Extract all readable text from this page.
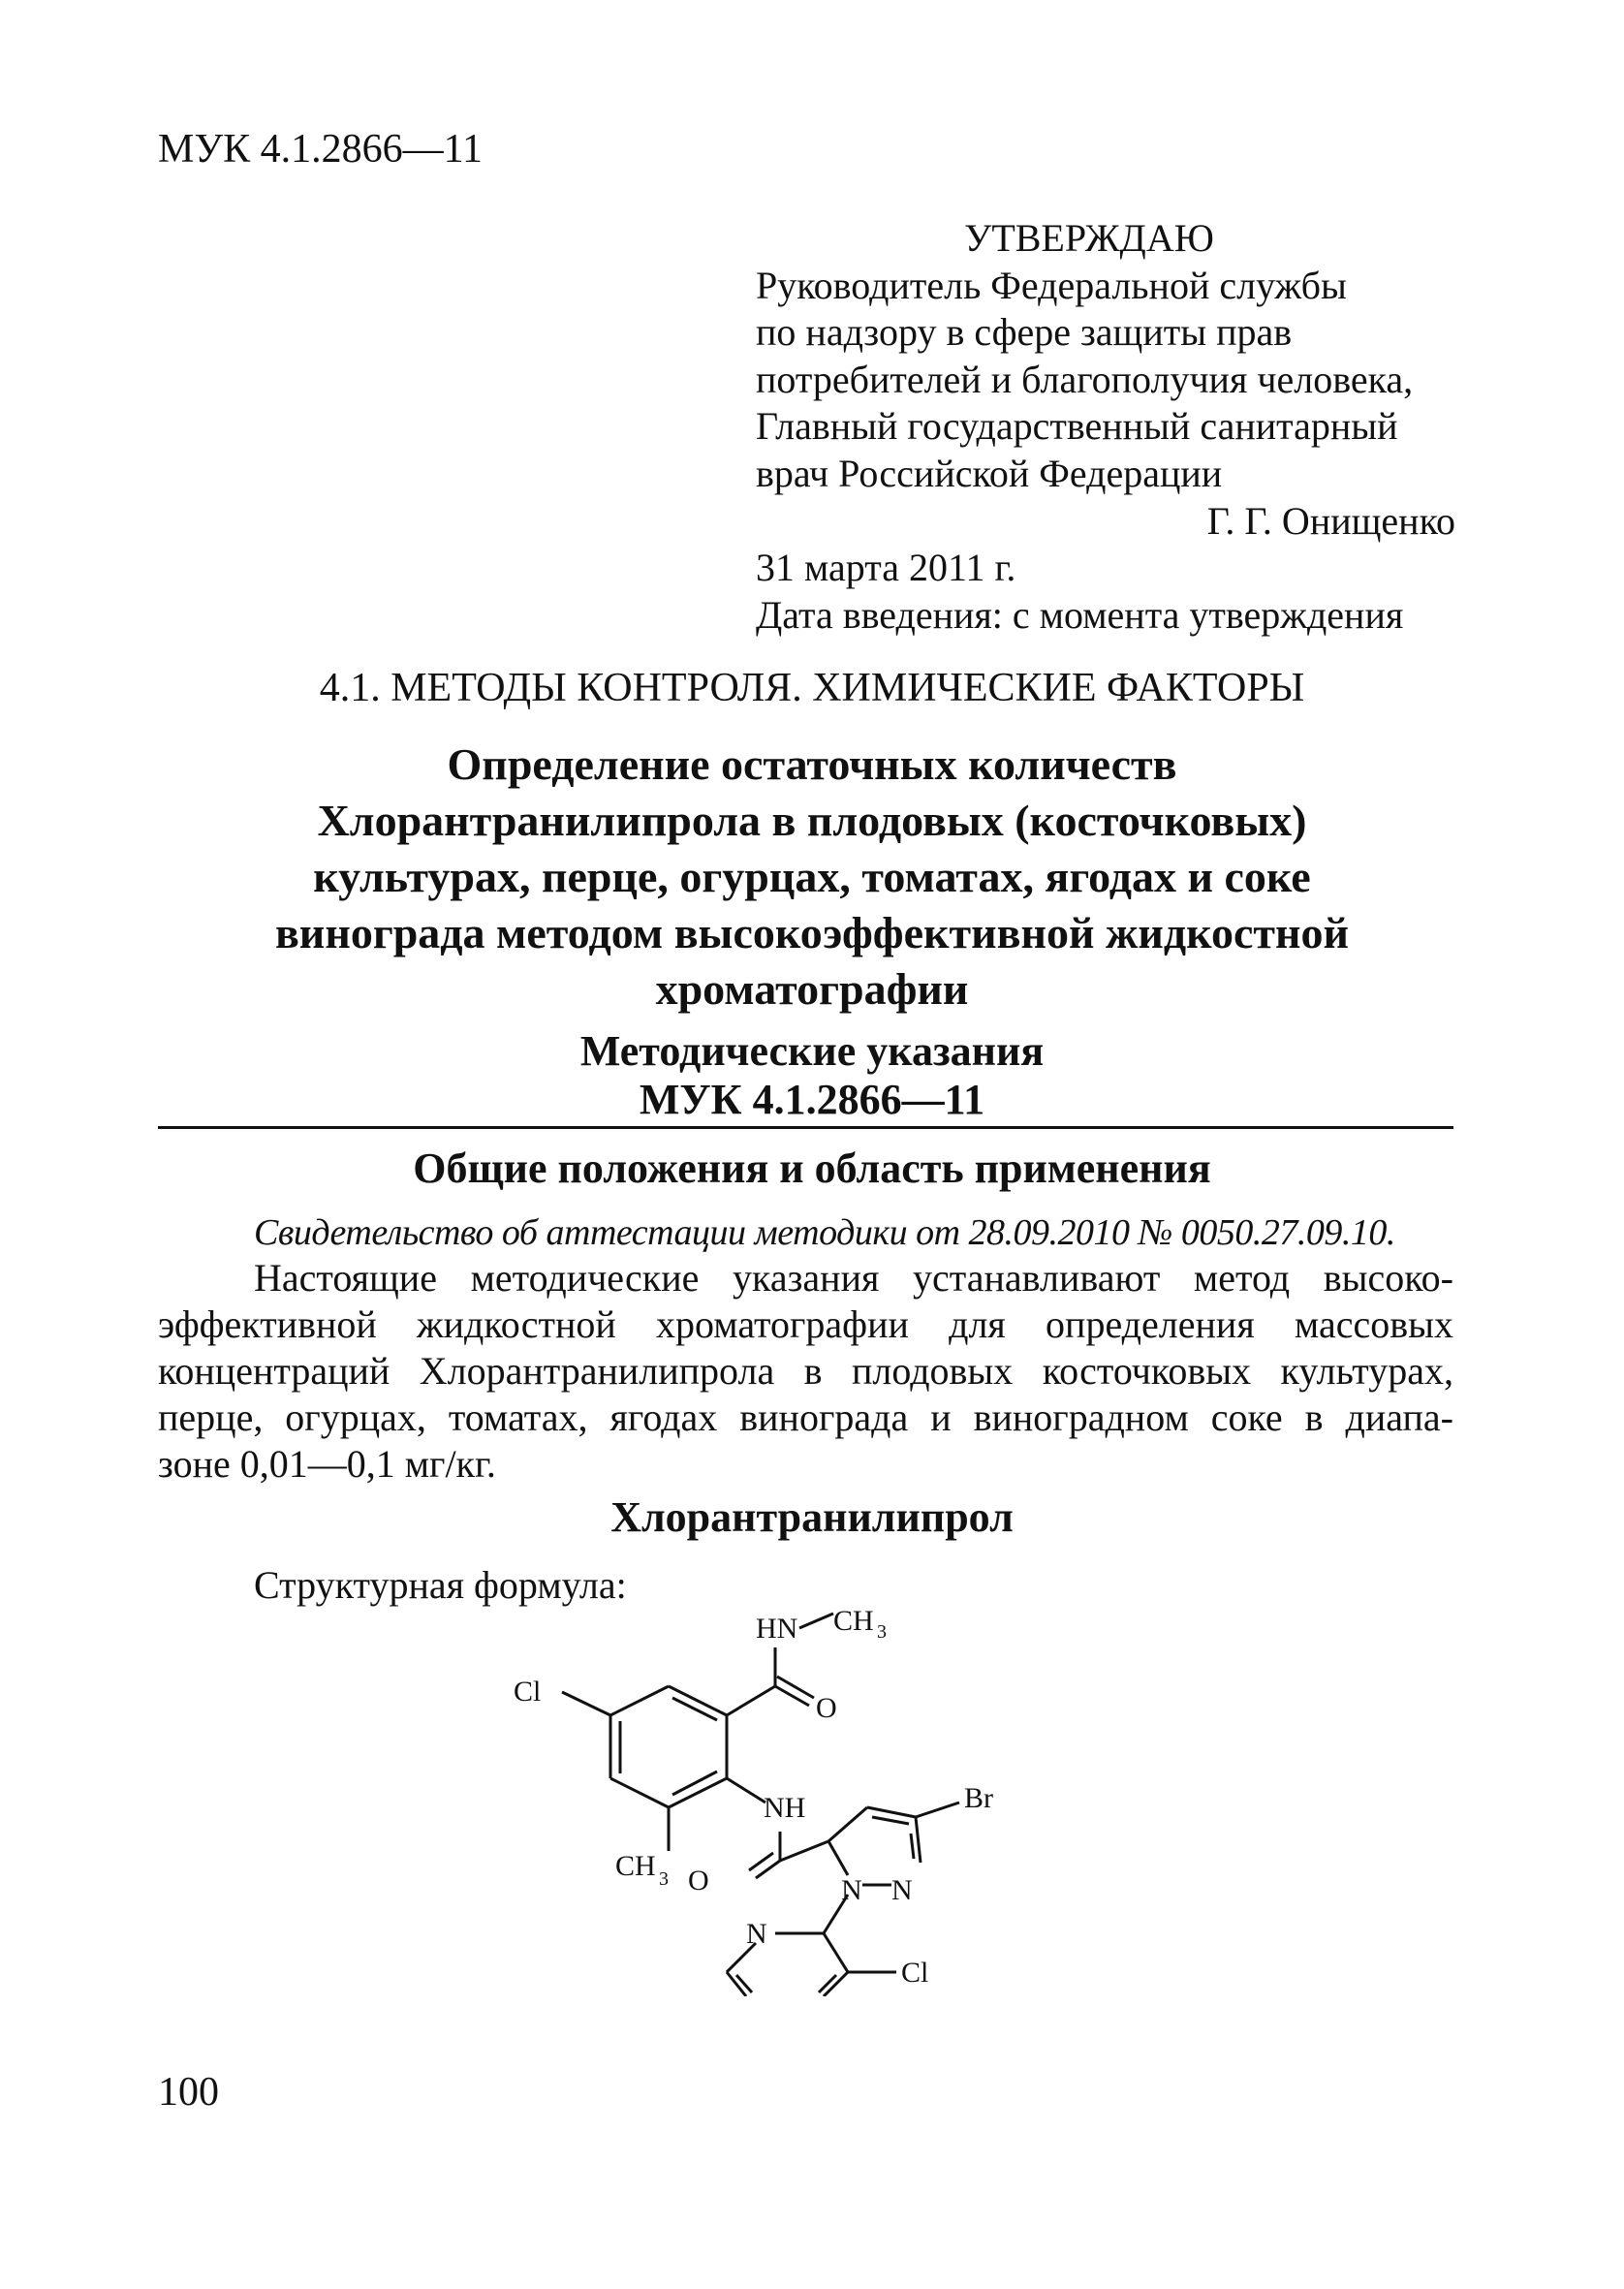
МУК 4.1.2866—11
УТВЕРЖДАЮ
Руководитель Федеральной службы
по надзору в сфере защиты прав
потребителей и благополучия человека,
Главный государственный санитарный
врач Российской Федерации
Г. Г. Онищенко
31 марта 2011 г.
Дата введения: с момента утверждения
4.1. МЕТОДЫ КОНТРОЛЯ. ХИМИЧЕСКИЕ ФАКТОРЫ
Определение остаточных количеств
Хлорантранилипрола в плодовых (косточковых)
культурах, перце, огурцах, томатах, ягодах и соке
винограда методом высокоэффективной жидкостной
хроматографии
Методические указания
МУК 4.1.2866—11
Общие положения и область применения
Свидетельство об аттестации методики от 28.09.2010 № 0050.27.09.10.
Настоящие методические указания устанавливают метод высоко-
эффективной жидкостной хроматографии для определения массовых
концентраций Хлорантранилипрола в плодовых косточковых культурах,
перце, огурцах, томатах, ягодах винограда и виноградном соке в диапа-
зоне 0,01—0,1 мг/кг.
Хлорантранилипрол
Структурная формула:
HN CH 3
Cl
O
NH
CH 3 O
Br
N N
N
Cl
100
